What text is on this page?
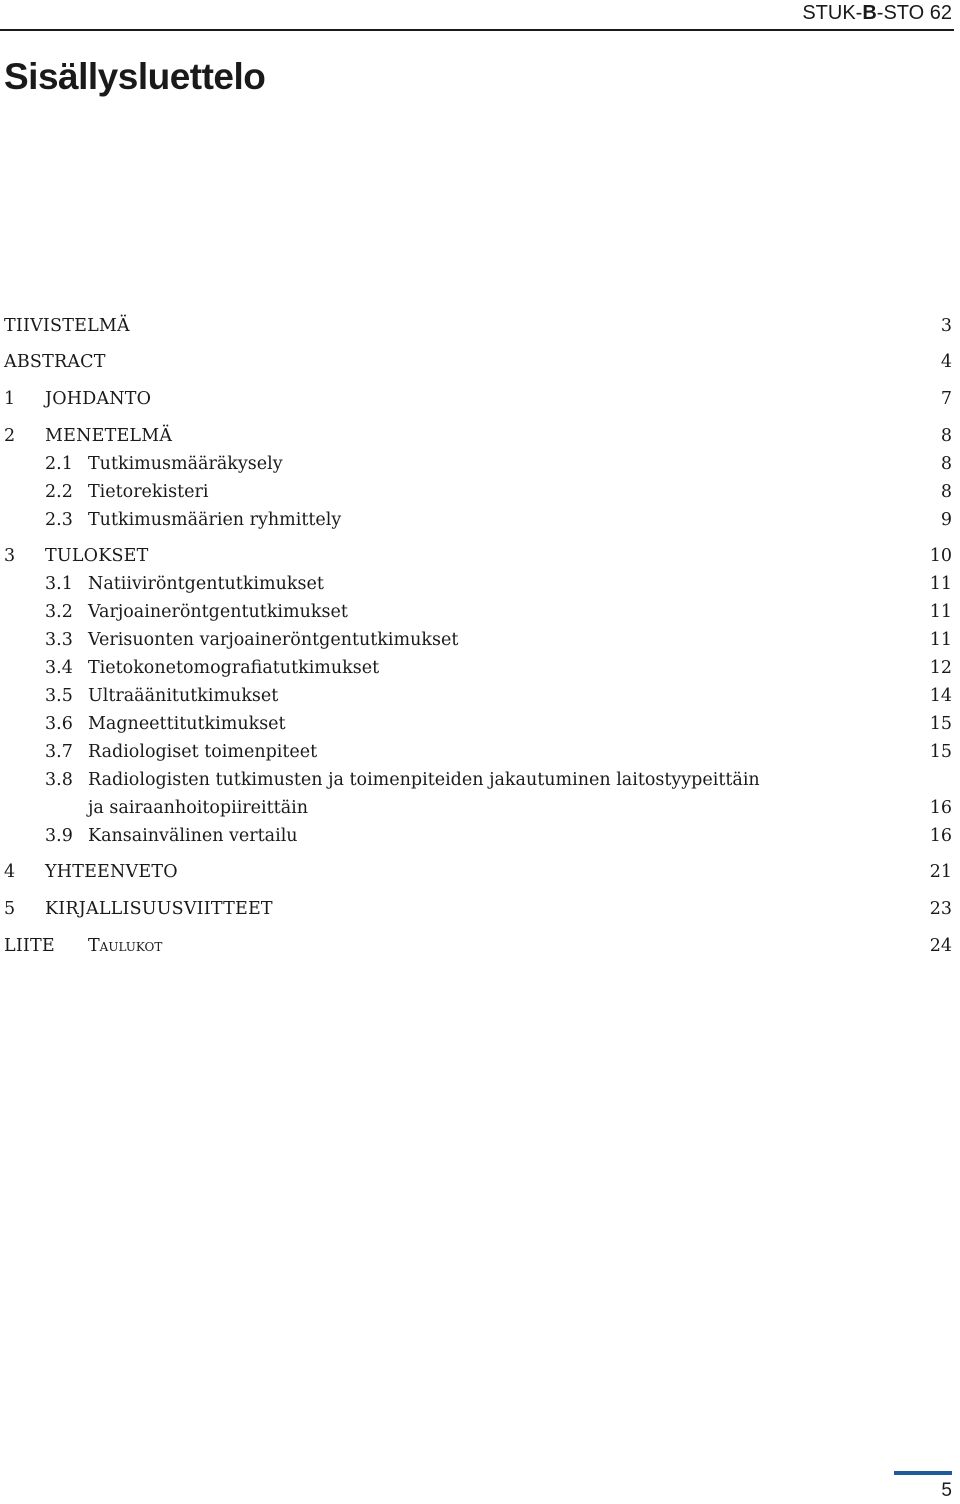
STUK-B-STO 62
Sisällysluettelo
TIIVISTELMÄ	3
ABSTRACT	4
1 JOHDANTO	7
2 MENETELMÄ	8
2.1 Tutkimusmääräkysely	8
2.2 Tietorekisteri	8
2.3 Tutkimusmäärien ryhmittely	9
3 TULOKSET	10
3.1 Natiiviröntgentutkimukset	11
3.2 Varjoaineröntgentutkimukset	11
3.3 Verisuonten varjoaineröntgentutkimukset	11
3.4 Tietokonetomografiatutkimukset	12
3.5 Ultraäänitutkimukset	14
3.6 Magneettitutkimukset	15
3.7 Radiologiset toimenpiteet	15
3.8 Radiologisten tutkimusten ja toimenpiteiden jakautuminen laitostyypeittäin
ja sairaanhoitopiireittäin	16
3.9 Kansainvälinen vertailu	16
4 YHTEENVETO	21
5 KIRJALLISUUSVIITTEET	23
LIITE Taulukot	24
5
